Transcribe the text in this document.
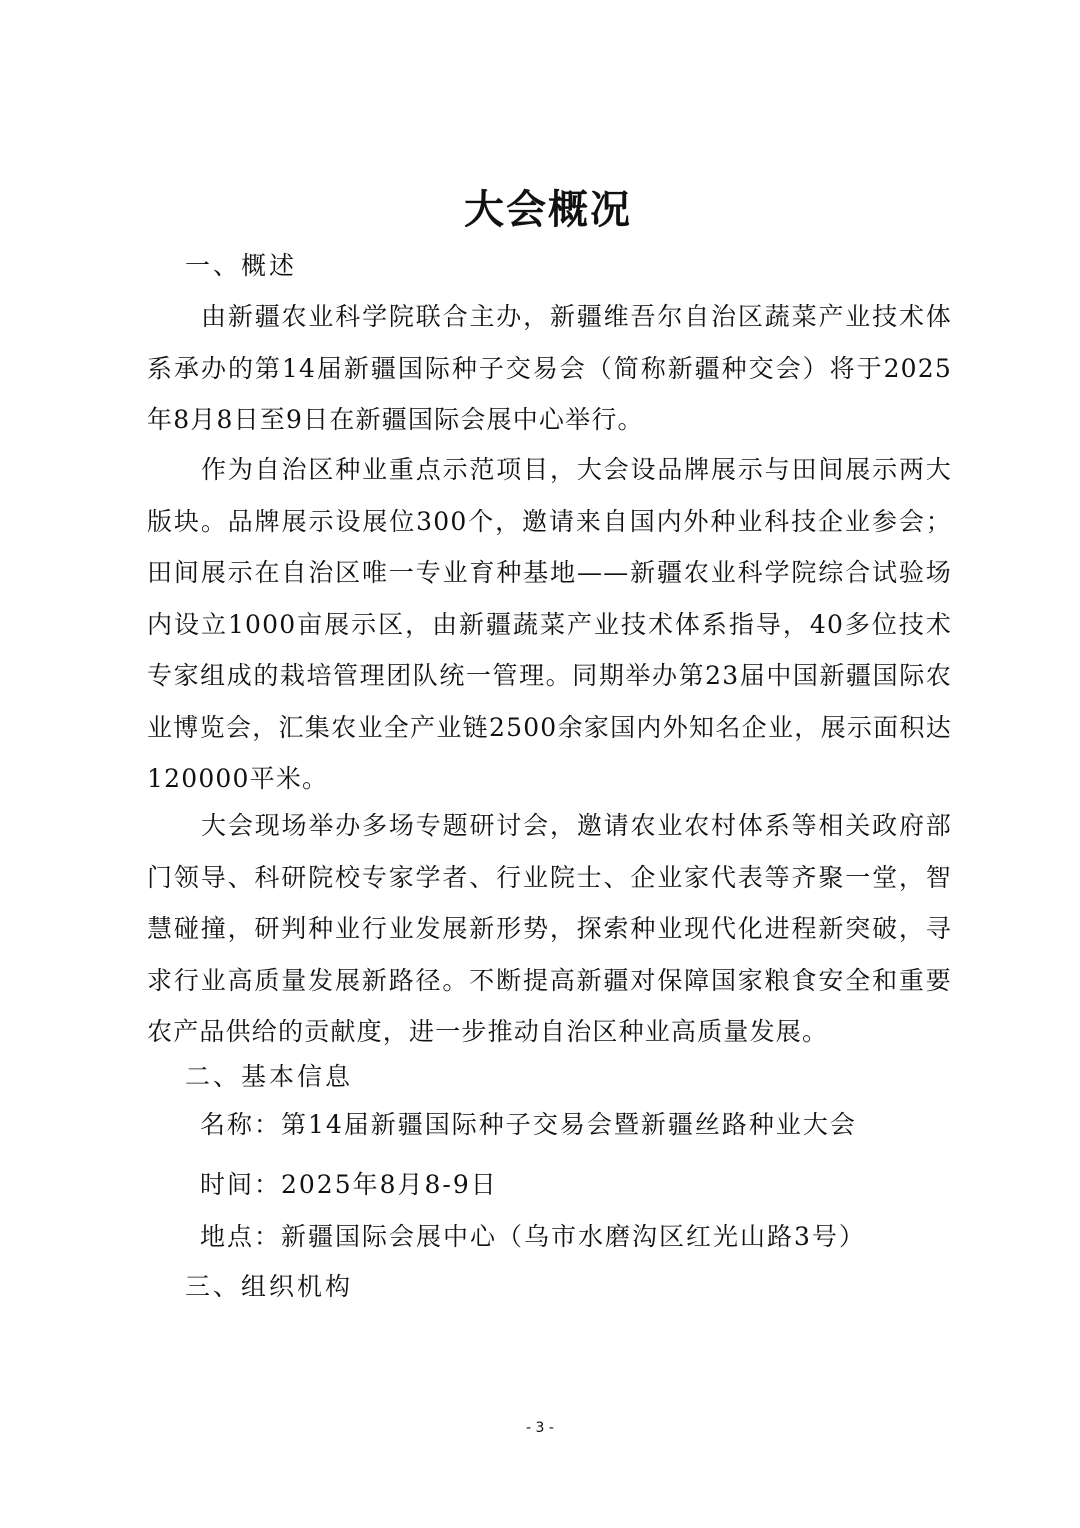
大会概况
一、概述
由新疆农业科学院联合主办，新疆维吾尔自治区蔬菜产业技术体系承办的第14届新疆国际种子交易会（简称新疆种交会）将于2025年8月8日至9日在新疆国际会展中心举行。
作为自治区种业重点示范项目，大会设品牌展示与田间展示两大版块。品牌展示设展位300个，邀请来自国内外种业科技企业参会；田间展示在自治区唯一专业育种基地——新疆农业科学院综合试验场内设立1000亩展示区，由新疆蔬菜产业技术体系指导，40多位技术专家组成的栽培管理团队统一管理。同期举办第23届中国新疆国际农业博览会，汇集农业全产业链2500余家国内外知名企业，展示面积达120000平米。
大会现场举办多场专题研讨会，邀请农业农村体系等相关政府部门领导、科研院校专家学者、行业院士、企业家代表等齐聚一堂，智慧碰撞，研判种业行业发展新形势，探索种业现代化进程新突破，寻求行业高质量发展新路径。不断提高新疆对保障国家粮食安全和重要农产品供给的贡献度，进一步推动自治区种业高质量发展。
二、基本信息
名称：第14届新疆国际种子交易会暨新疆丝路种业大会
时间：2025年8月8-9日
地点：新疆国际会展中心（乌市水磨沟区红光山路3号）
三、组织机构
- 3 -
